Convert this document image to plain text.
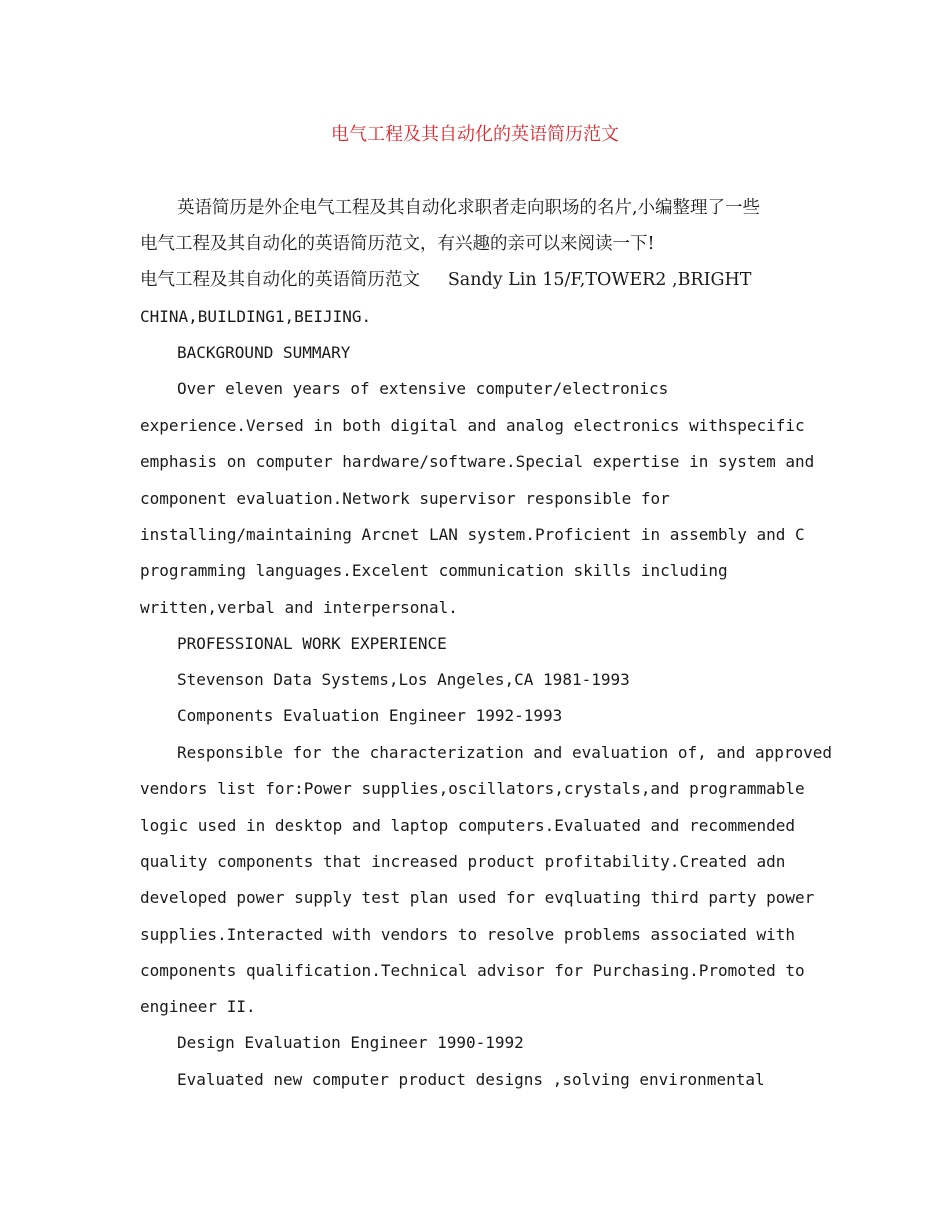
电气工程及其自动化的英语简历范文
英语简历是外企电气工程及其自动化求职者走向职场的名片,小编整理了一些
电气工程及其自动化的英语简历范文，有兴趣的亲可以来阅读一下!
电气工程及其自动化的英语简历范文     Sandy Lin 15/F,TOWER2 ,BRIGHT
CHINA,BUILDING1,BEIJING.
BACKGROUND SUMMARY
Over eleven years of extensive computer/electronics
experience.Versed in both digital and analog electronics withspecific
emphasis on computer hardware/software.Special expertise in system and
component evaluation.Network supervisor responsible for
installing/maintaining Arcnet LAN system.Proficient in assembly and C
programming languages.Excelent communication skills including
written,verbal and interpersonal.
PROFESSIONAL WORK EXPERIENCE
Stevenson Data Systems,Los Angeles,CA 1981-1993
Components Evaluation Engineer 1992-1993
Responsible for the characterization and evaluation of, and approved
vendors list for:Power supplies,oscillators,crystals,and programmable
logic used in desktop and laptop computers.Evaluated and recommended
quality components that increased product profitability.Created adn
developed power supply test plan used for evqluating third party power
supplies.Interacted with vendors to resolve problems associated with
components qualification.Technical advisor for Purchasing.Promoted to
engineer II.
Design Evaluation Engineer 1990-1992
Evaluated new computer product designs ,solving environmental
